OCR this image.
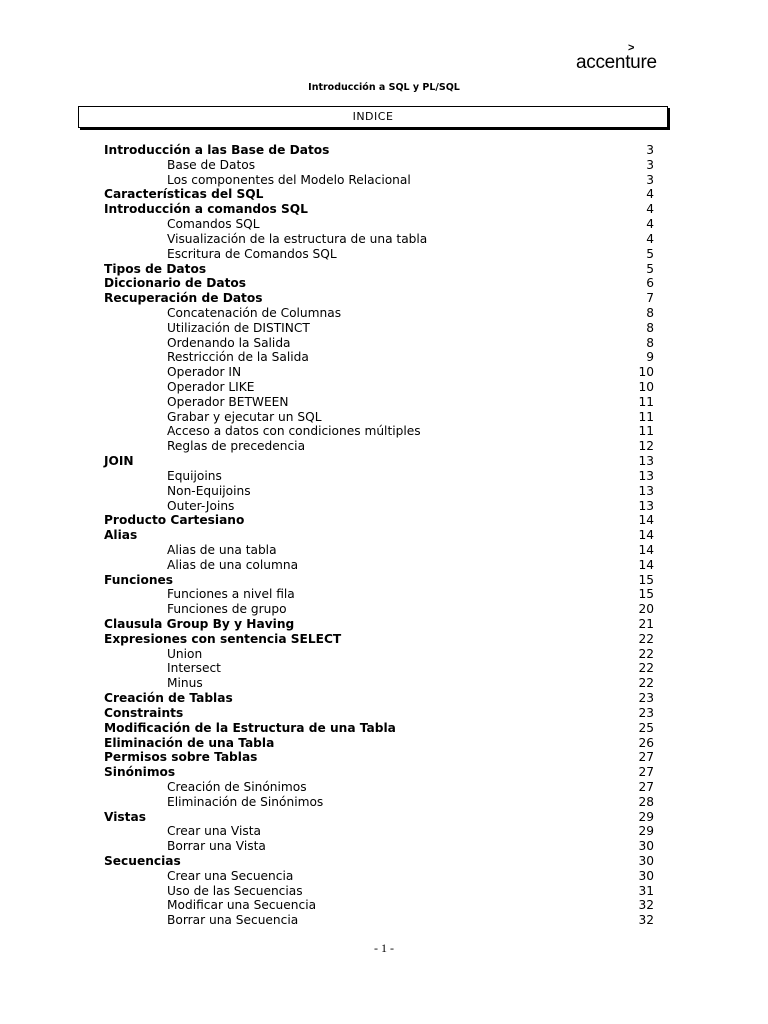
accenture
>
Introducción a SQL y PL/SQL
INDICE
Introducción a las Base de Datos	3
Base de Datos	3
Los componentes del Modelo Relacional	3
Características del SQL	4
Introducción a comandos SQL	4
Comandos SQL	4
Visualización de la estructura de una tabla	4
Escritura de Comandos SQL	5
Tipos de Datos	5
Diccionario de Datos	6
Recuperación de Datos	7
Concatenación de Columnas	8
Utilización de DISTINCT	8
Ordenando la Salida	8
Restricción de la Salida	9
Operador IN	10
Operador LIKE	10
Operador BETWEEN	11
Grabar y ejecutar un SQL	11
Acceso a datos con condiciones múltiples	11
Reglas de precedencia	12
JOIN	13
Equijoins	13
Non-Equijoins	13
Outer-Joins	13
Producto Cartesiano	14
Alias	14
Alias de una tabla	14
Alias de una columna	14
Funciones	15
Funciones a nivel fila	15
Funciones de grupo	20
Clausula Group By y Having	21
Expresiones con sentencia SELECT	22
Union	22
Intersect	22
Minus	22
Creación de Tablas	23
Constraints	23
Modificación de la Estructura de una Tabla	25
Eliminación de una Tabla	26
Permisos sobre Tablas	27
Sinónimos	27
Creación de Sinónimos	27
Eliminación de Sinónimos	28
Vistas	29
Crear una Vista	29
Borrar una Vista	30
Secuencias	30
Crear una Secuencia	30
Uso de las Secuencias	31
Modificar una Secuencia	32
Borrar una Secuencia	32
- 1 -
